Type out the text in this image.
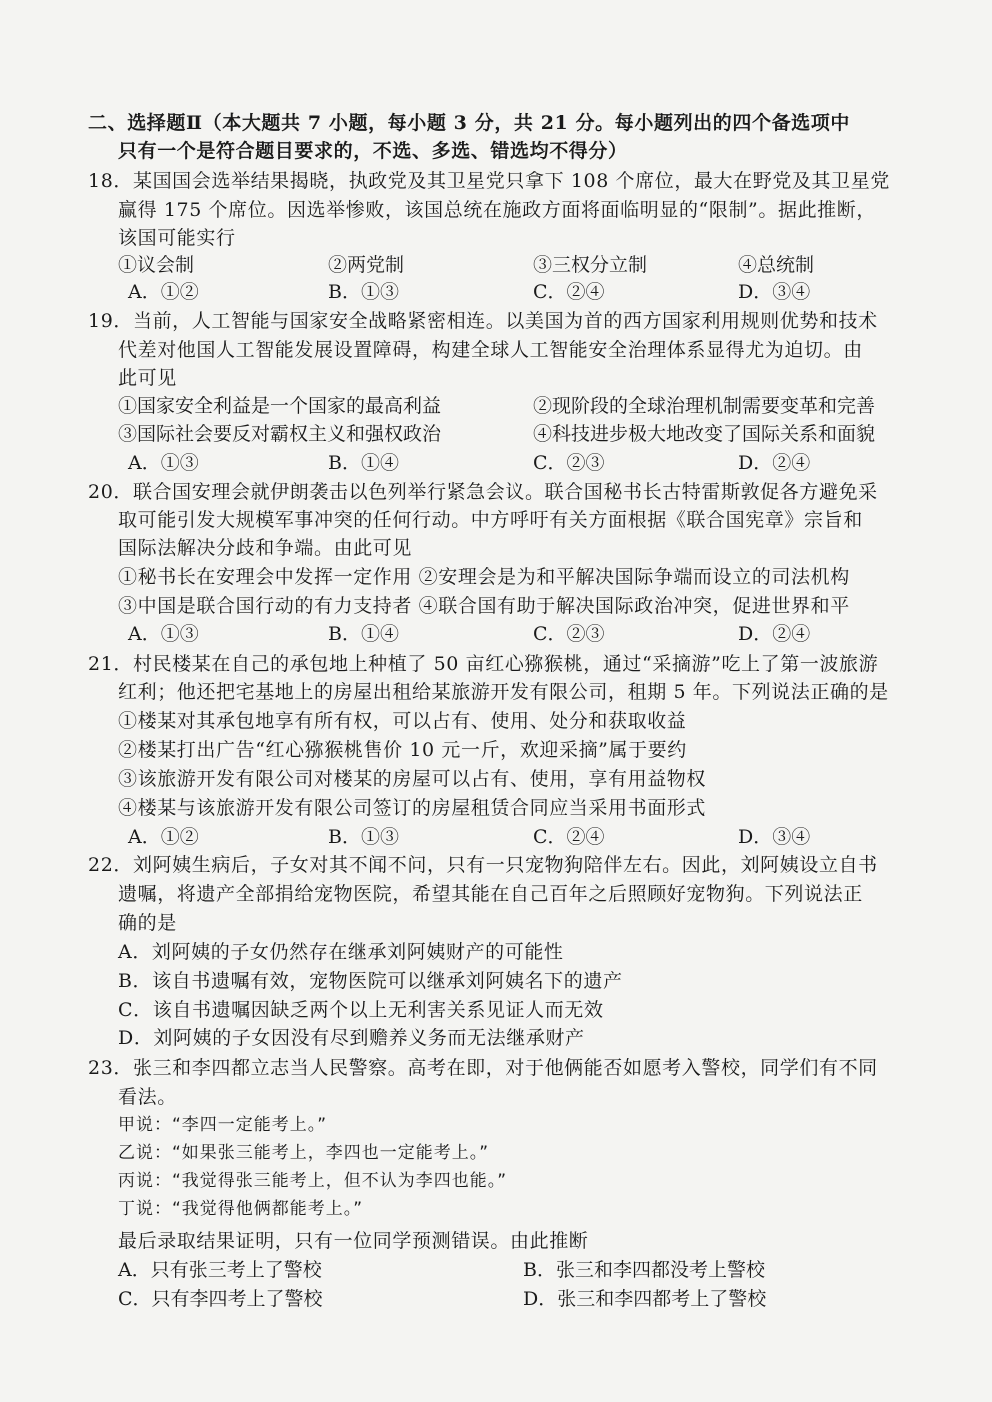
二、选择题Ⅱ（本大题共 7 小题，每小题 3 分，共 21 分。每小题列出的四个备选项中
只有一个是符合题目要求的，不选、多选、错选均不得分）
18．某国国会选举结果揭晓，执政党及其卫星党只拿下 108 个席位，最大在野党及其卫星党
赢得 175 个席位。因选举惨败，该国总统在施政方面将面临明显的“限制”。据此推断，
该国可能实行
①议会制	②两党制	③三权分立制	④总统制
A．①②	B．①③	C．②④	D．③④
19．当前，人工智能与国家安全战略紧密相连。以美国为首的西方国家利用规则优势和技术
代差对他国人工智能发展设置障碍，构建全球人工智能安全治理体系显得尤为迫切。由
此可见
①国家安全利益是一个国家的最高利益	②现阶段的全球治理机制需要变革和完善
③国际社会要反对霸权主义和强权政治	④科技进步极大地改变了国际关系和面貌
A．①③	B．①④	C．②③	D．②④
20．联合国安理会就伊朗袭击以色列举行紧急会议。联合国秘书长古特雷斯敦促各方避免采
取可能引发大规模军事冲突的任何行动。中方呼吁有关方面根据《联合国宪章》宗旨和
国际法解决分歧和争端。由此可见
①秘书长在安理会中发挥一定作用 ②安理会是为和平解决国际争端而设立的司法机构
③中国是联合国行动的有力支持者 ④联合国有助于解决国际政治冲突，促进世界和平
A．①③	B．①④	C．②③	D．②④
21．村民楼某在自己的承包地上种植了 50 亩红心猕猴桃，通过“采摘游”吃上了第一波旅游
红利；他还把宅基地上的房屋出租给某旅游开发有限公司，租期 5 年。下列说法正确的是
①楼某对其承包地享有所有权，可以占有、使用、处分和获取收益
②楼某打出广告“红心猕猴桃售价 10 元一斤，欢迎采摘”属于要约
③该旅游开发有限公司对楼某的房屋可以占有、使用，享有用益物权
④楼某与该旅游开发有限公司签订的房屋租赁合同应当采用书面形式
A．①②	B．①③	C．②④	D．③④
22．刘阿姨生病后，子女对其不闻不问，只有一只宠物狗陪伴左右。因此，刘阿姨设立自书
遗嘱，将遗产全部捐给宠物医院，希望其能在自己百年之后照顾好宠物狗。下列说法正
确的是
A．刘阿姨的子女仍然存在继承刘阿姨财产的可能性
B．该自书遗嘱有效，宠物医院可以继承刘阿姨名下的遗产
C．该自书遗嘱因缺乏两个以上无利害关系见证人而无效
D．刘阿姨的子女因没有尽到赡养义务而无法继承财产
23．张三和李四都立志当人民警察。高考在即，对于他俩能否如愿考入警校，同学们有不同
看法。
甲说：“李四一定能考上。”
乙说：“如果张三能考上，李四也一定能考上。”
丙说：“我觉得张三能考上，但不认为李四也能。”
丁说：“我觉得他俩都能考上。”
最后录取结果证明，只有一位同学预测错误。由此推断
A．只有张三考上了警校	B．张三和李四都没考上警校
C．只有李四考上了警校	D．张三和李四都考上了警校
